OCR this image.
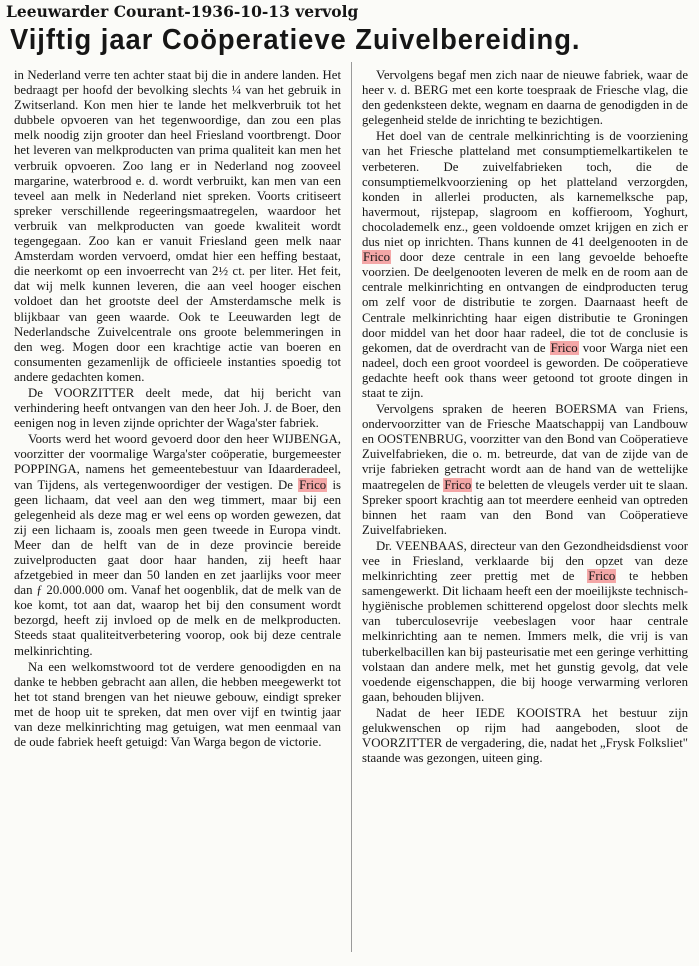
Leeuwarder Courant-1936-10-13 vervolg
Vijftig jaar Coöperatieve Zuivelbereiding.

in Nederland verre ten achter staat bij die in andere landen. Het bedraagt per hoofd der bevolking slechts ¼ van het gebruik in Zwitserland. Kon men hier te lande het melkverbruik tot het dubbele opvoeren van het tegenwoordige, dan zou een plas melk noodig zijn grooter dan heel Friesland voortbrengt. Door het leveren van melkproducten van prima qualiteit kan men het verbruik opvoeren. Zoo lang er in Nederland nog zooveel margarine, waterbrood e. d. wordt verbruikt, kan men van een teveel aan melk in Nederland niet spreken. Voorts critiseert spreker verschillende regeeringsmaatregelen, waardoor het verbruik van melkproducten van goede kwaliteit wordt tegengegaan. Zoo kan er vanuit Friesland geen melk naar Amsterdam worden vervoerd, omdat hier een heffing bestaat, die neerkomt op een invoerrecht van 2½ ct. per liter. Het feit, dat wij melk kunnen leveren, die aan veel hooger eischen voldoet dan het grootste deel der Amsterdamsche melk is blijkbaar van geen waarde. Ook te Leeuwarden legt de Nederlandsche Zuivelcentrale ons groote belemmeringen in den weg. Mogen door een krachtige actie van boeren en consumenten gezamenlijk de officieele instanties spoedig tot andere gedachten komen.

De VOORZITTER deelt mede, dat hij bericht van verhindering heeft ontvangen van den heer Joh. J. de Boer, den eenigen nog in leven zijnde oprichter der Waga'ster fabriek.

Voorts werd het woord gevoerd door den heer WIJBENGA, voorzitter der voormalige Warga'ster coöperatie, burgemeester POPPINGA, namens het gemeentebestuur van Idaarderadeel, van Tijdens, als vertegenwoordiger der vestigen. De Frico is geen lichaam, dat veel aan den weg timmert, maar bij een gelegenheid als deze mag er wel eens op worden gewezen, dat zij een lichaam is, zooals men geen tweede in Europa vindt. Meer dan de helft van de in deze provincie bereide zuivelproducten gaat door haar handen, zij heeft haar afzetgebied in meer dan 50 landen en zet jaarlijks voor meer dan ƒ 20.000.000 om. Vanaf het oogenblik, dat de melk van de koe komt, tot aan dat, waarop het bij den consument wordt bezorgd, heeft zij invloed op de melk en de melkproducten. Steeds staat qualiteitverbetering voorop, ook bij deze centrale melkinrichting.

Na een welkomstwoord tot de verdere genoodigden en na danke te hebben gebracht aan allen, die hebben meegewerkt tot het tot stand brengen van het nieuwe gebouw, eindigt spreker met de hoop uit te spreken, dat men over vijf en twintig jaar van deze melkinrichting mag getuigen, wat men eenmaal van de oude fabriek heeft getuigd: Van Warga begon de victorie.

Vervolgens begaf men zich naar de nieuwe fabriek, waar de heer v. d. BERG met een korte toespraak de Friesche vlag, die den gedenksteen dekte, wegnam en daarna de genodigden in de gelegenheid stelde de inrichting te bezichtigen.

Het doel van de centrale melkinrichting is de voorziening van het Friesche platteland met consumptiemelkartikelen te verbeteren. De zuivelfabrieken toch, die de consumptiemelkvoorziening op het platteland verzorgden, konden in allerlei producten, als karnemelksche pap, havermout, rijstepap, slagroom en koffieroom, Yoghurt, chocolademelk enz., geen voldoende omzet krijgen en zich er dus niet op inrichten. Thans kunnen de 41 deelgenooten in de Frico door deze centrale in een lang gevoelde behoefte voorzien. De deelgenooten leveren de melk en de room aan de centrale melkinrichting en ontvangen de eindproducten terug om zelf voor de distributie te zorgen. Daarnaast heeft de Centrale melkinrichting haar eigen distributie te Groningen door middel van het door haar radeel, die tot de conclusie is gekomen, dat de overdracht van de Frico voor Warga niet een nadeel, doch een groot voordeel is geworden. De coöperatieve gedachte heeft ook thans weer getoond tot groote dingen in staat te zijn.

Vervolgens spraken de heeren BOERSMA van Friens, ondervoorzitter van de Friesche Maatschappij van Landbouw en OOSTENBRUG, voorzitter van den Bond van Coöperatieve Zuivelfabrieken, die o. m. betreurde, dat van de zijde van de vrije fabrieken getracht wordt aan de hand van de wettelijke maatregelen de Frico te beletten de vleugels verder uit te slaan. Spreker spoort krachtig aan tot meerdere eenheid van optreden binnen het raam van den Bond van Coöperatieve Zuivelfabrieken.

Dr. VEENBAAS, directeur van den Gezondheidsdienst voor vee in Friesland, verklaarde bij den opzet van deze melkinrichting zeer prettig met de Frico te hebben samengewerkt. Dit lichaam heeft een der moeilijkste technisch-hygiënische problemen schitterend opgelost door slechts melk van tuberculosevrije veebeslagen voor haar centrale melkinrichting aan te nemen. Immers melk, die vrij is van tuberkelbacillen kan bij pasteurisatie met een geringe verhitting volstaan dan andere melk, met het gunstig gevolg, dat vele voedende eigenschappen, die bij hooge verwarming verloren gaan, behouden blijven.

Nadat de heer IEDE KOOISTRA het bestuur zijn gelukwenschen op rijm had aangeboden, sloot de VOORZITTER de vergadering, die, nadat het „Frysk Folksliet" staande was gezongen, uiteen ging.
